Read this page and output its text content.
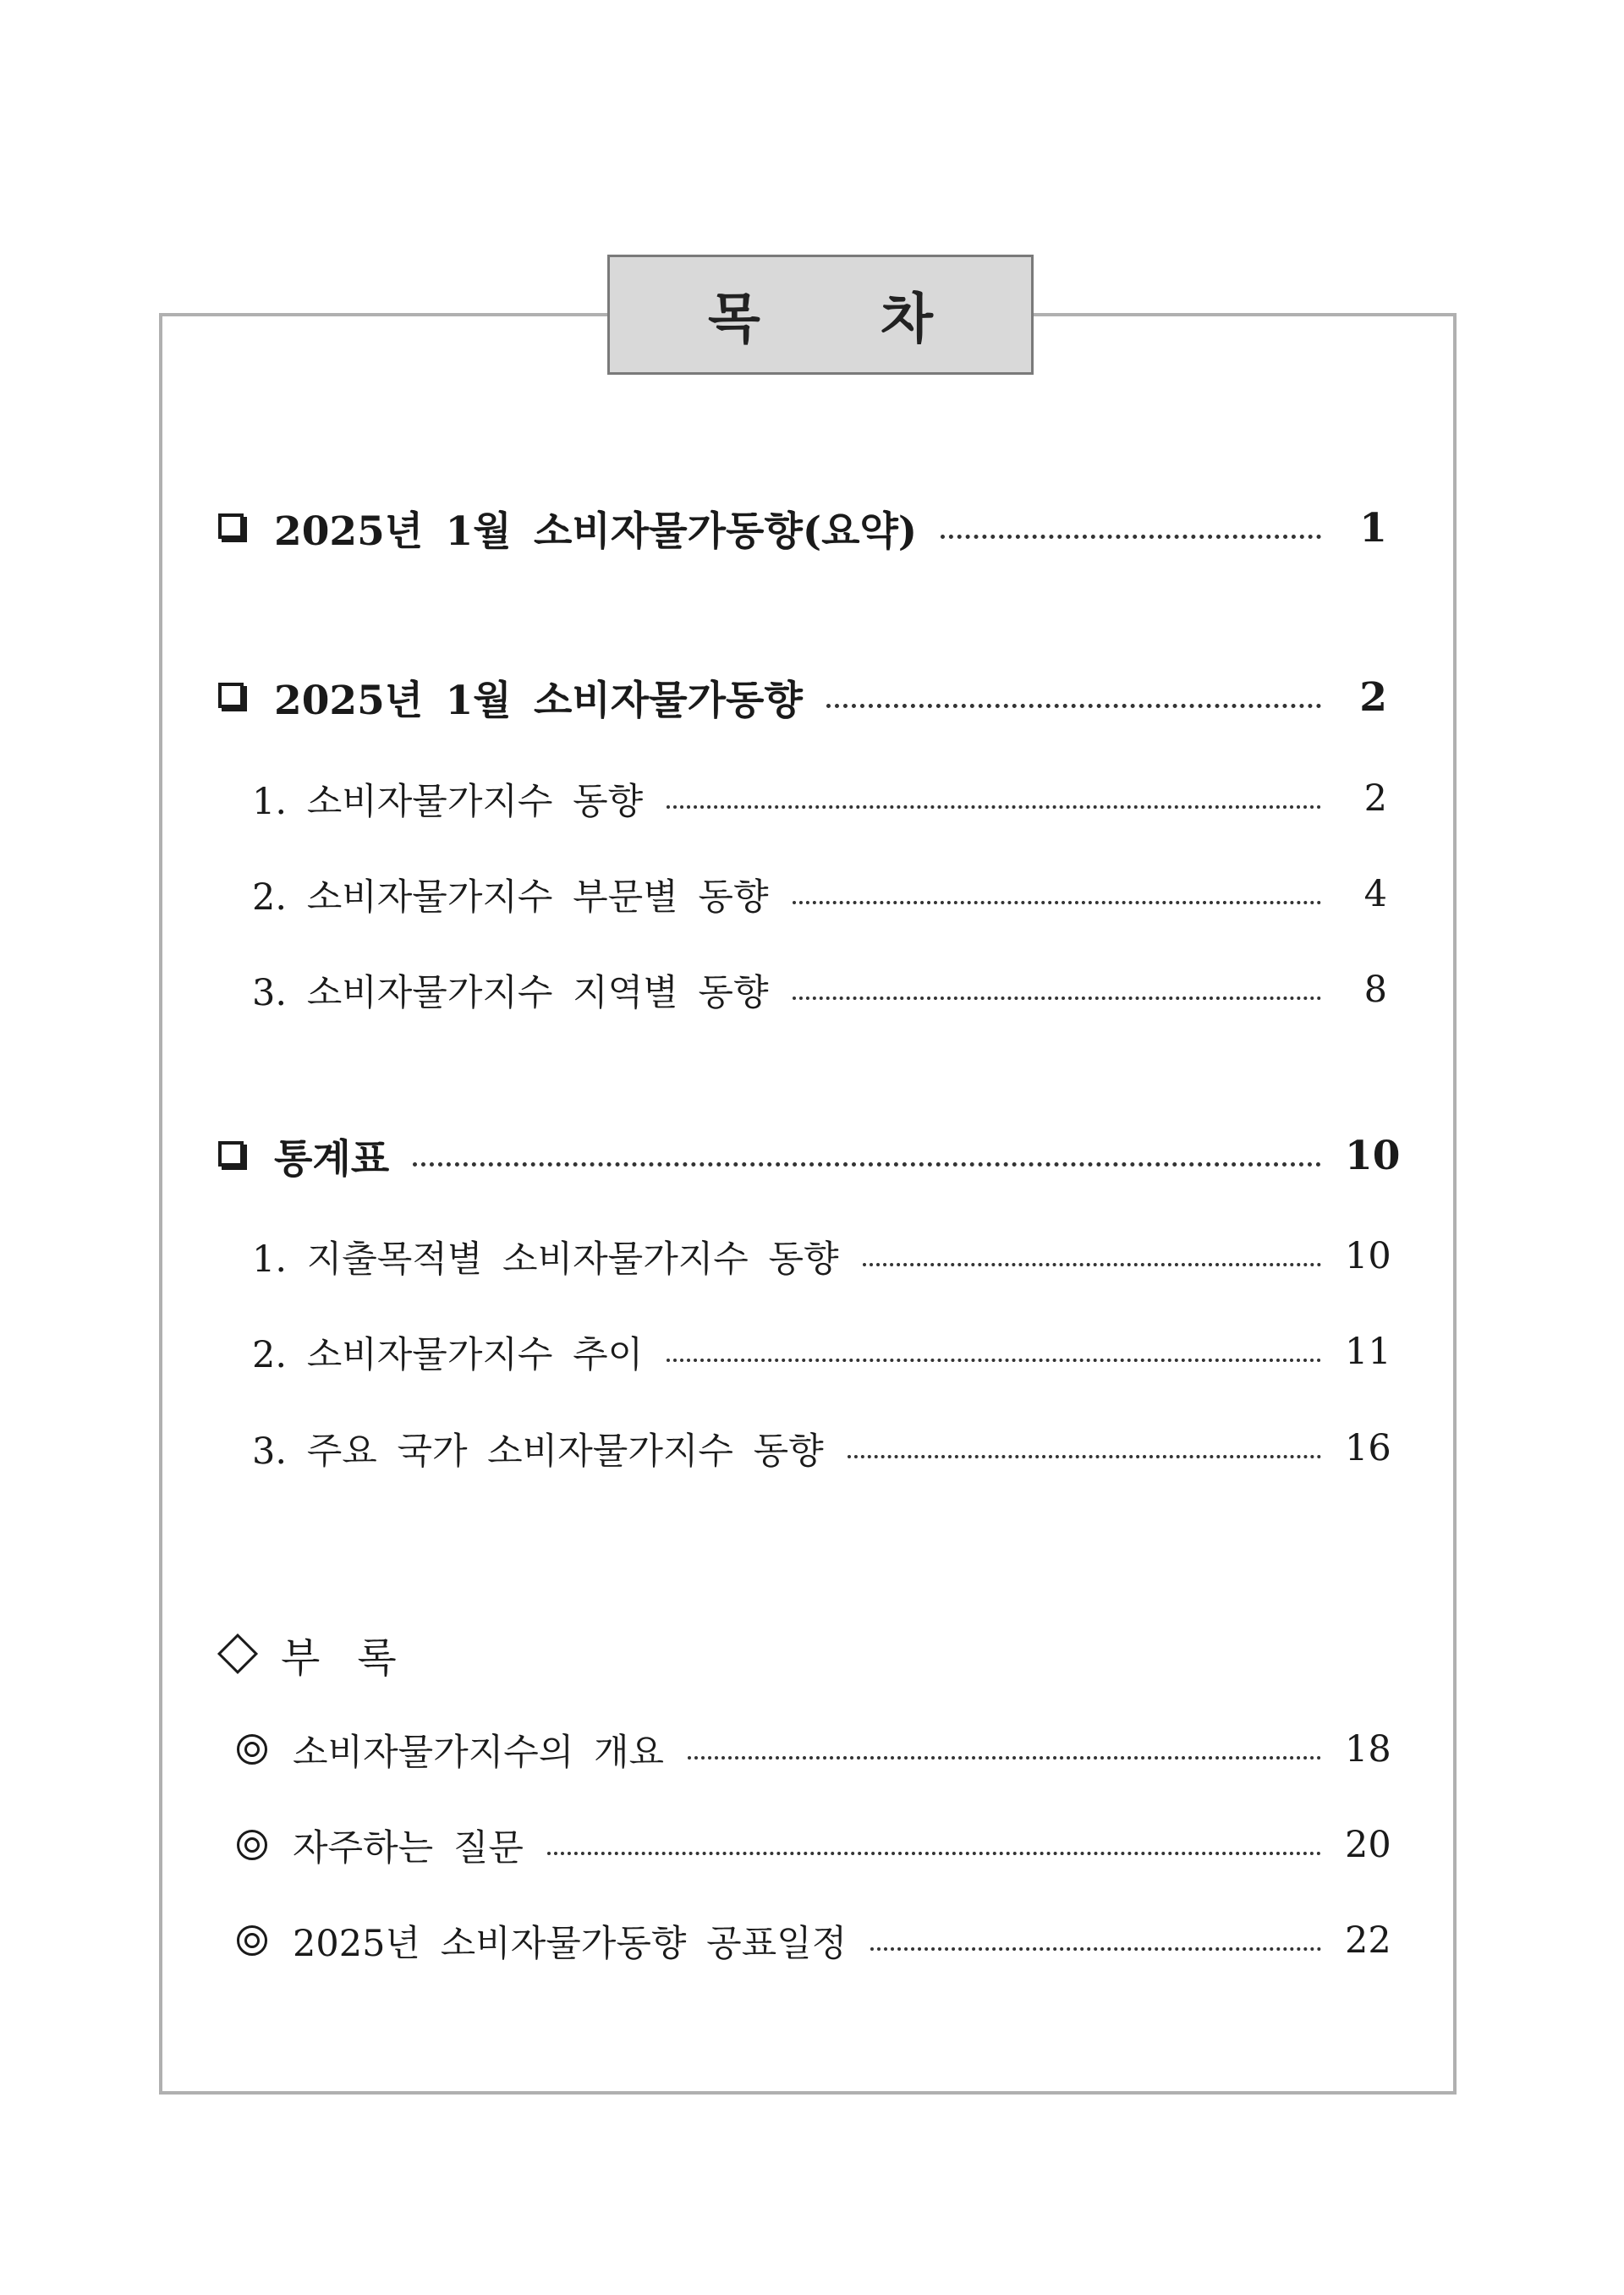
목 차
2025년 1월 소비자물가동향(요약)	1
2025년 1월 소비자물가동향	2
1. 소비자물가지수 동향	2
2. 소비자물가지수 부문별 동향	4
3. 소비자물가지수 지역별 동향	8
통계표	10
1. 지출목적별 소비자물가지수 동향	10
2. 소비자물가지수 추이	11
3. 주요 국가 소비자물가지수 동향	16
부록
소비자물가지수의 개요	18
자주하는 질문	20
2025년 소비자물가동향 공표일정	22
